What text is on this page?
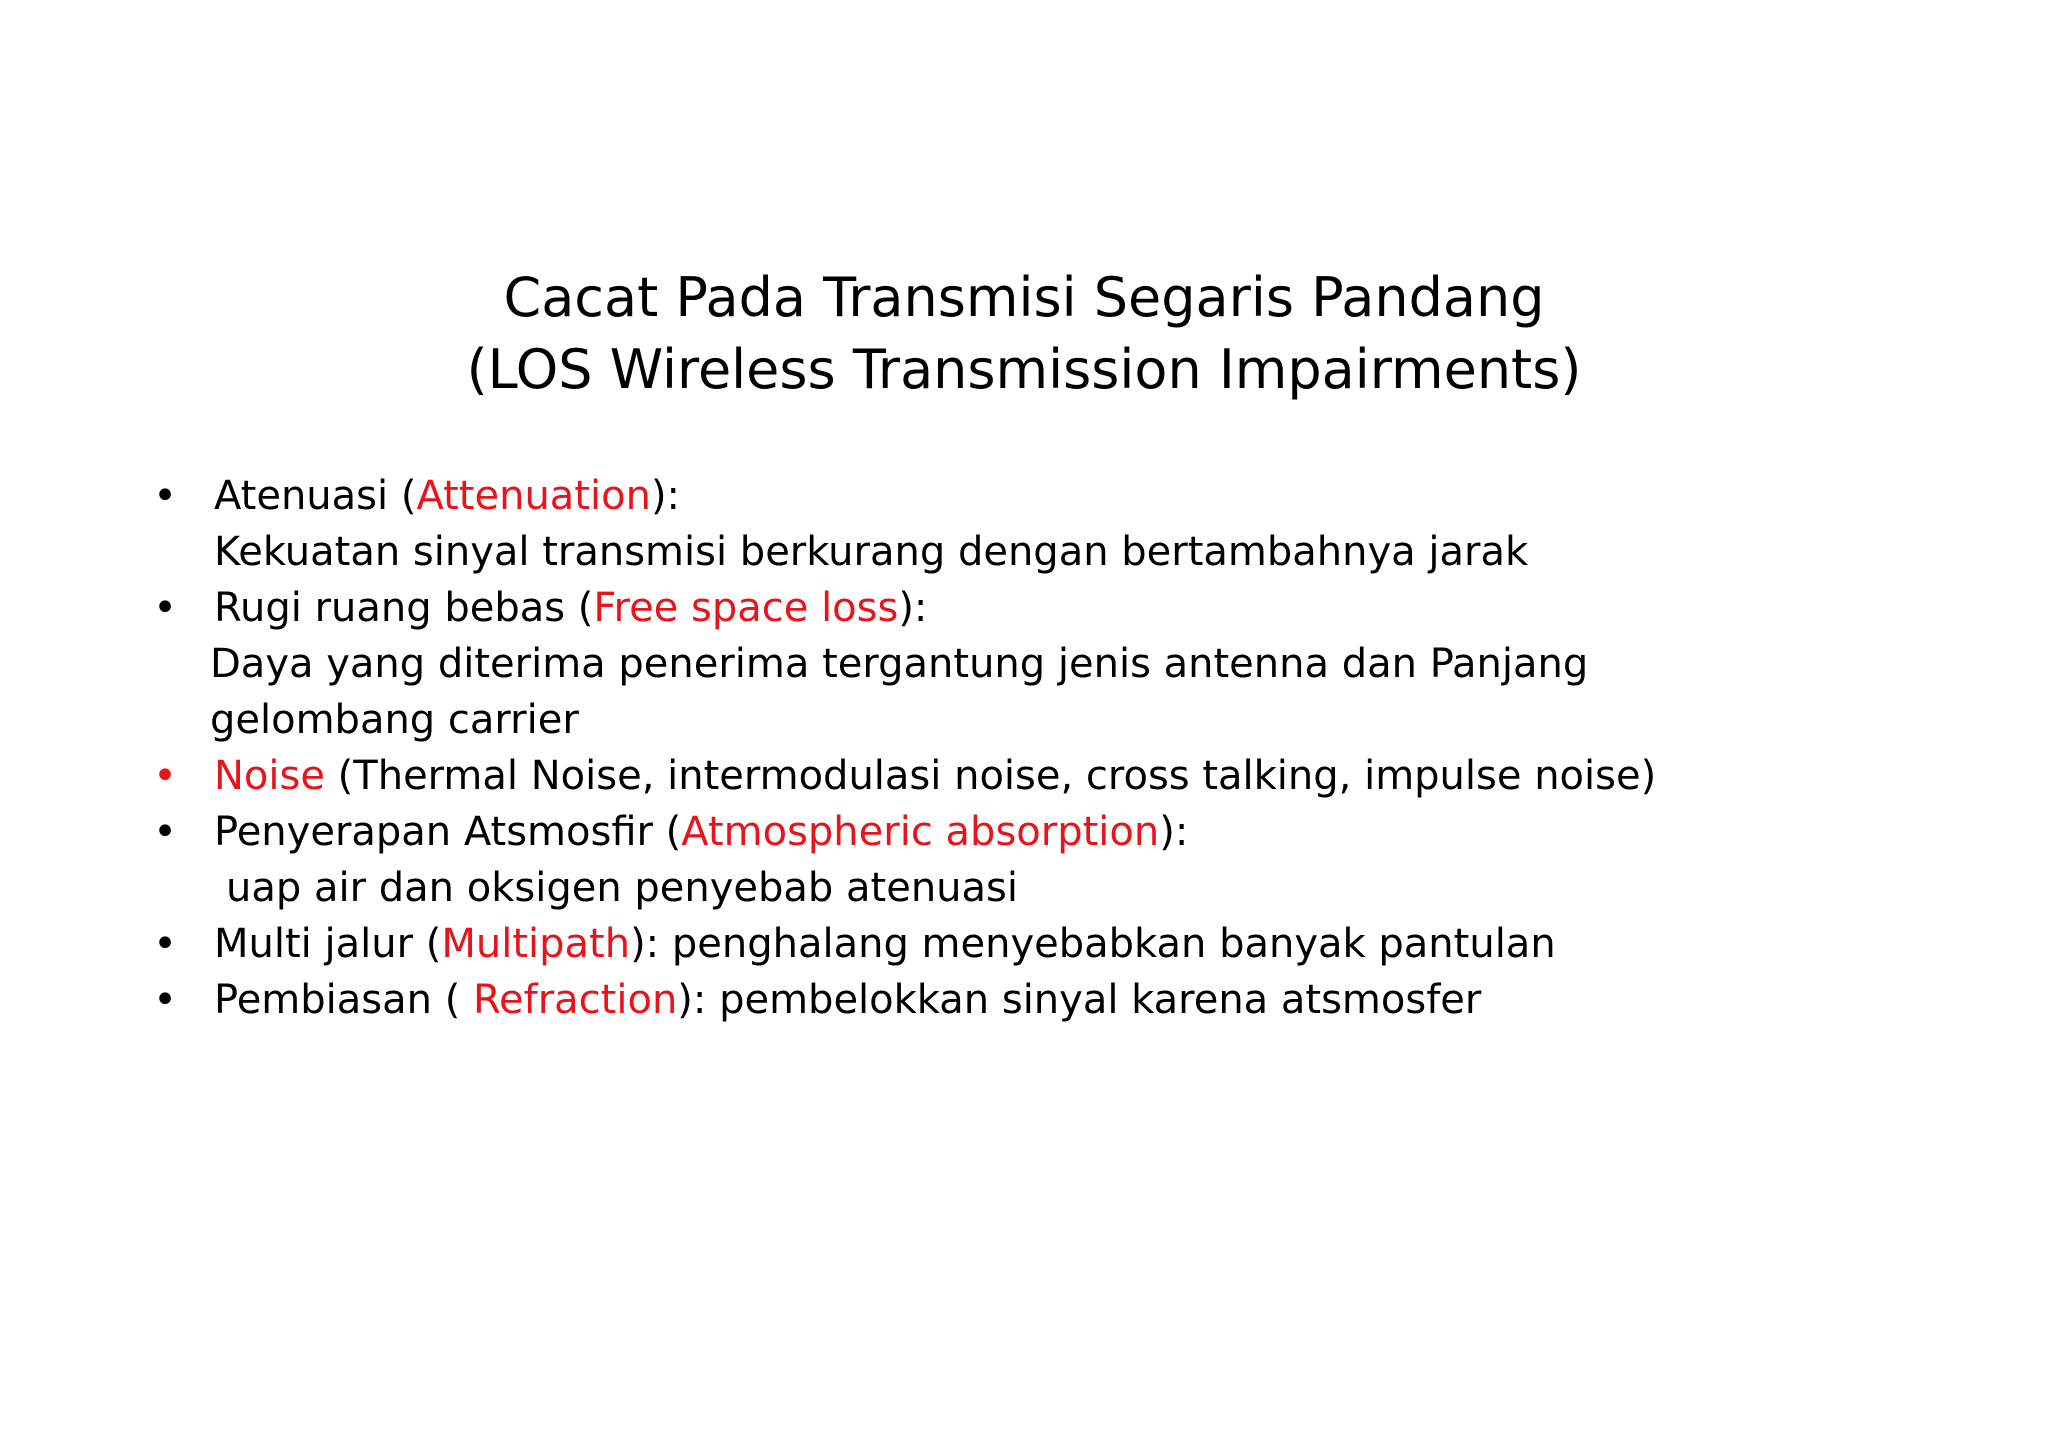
Cacat Pada Transmisi Segaris Pandang
(LOS Wireless Transmission Impairments)
• Atenuasi (Attenuation):
Kekuatan sinyal transmisi berkurang dengan bertambahnya jarak
• Rugi ruang bebas (Free space loss):
Daya yang diterima penerima tergantung jenis antenna dan Panjang
gelombang carrier
• Noise (Thermal Noise, intermodulasi noise, cross talking, impulse noise)
• Penyerapan Atsmosfir (Atmospheric absorption):
uap air dan oksigen penyebab atenuasi
• Multi jalur (Multipath): penghalang menyebabkan banyak pantulan
• Pembiasan ( Refraction): pembelokkan sinyal karena atsmosfer
